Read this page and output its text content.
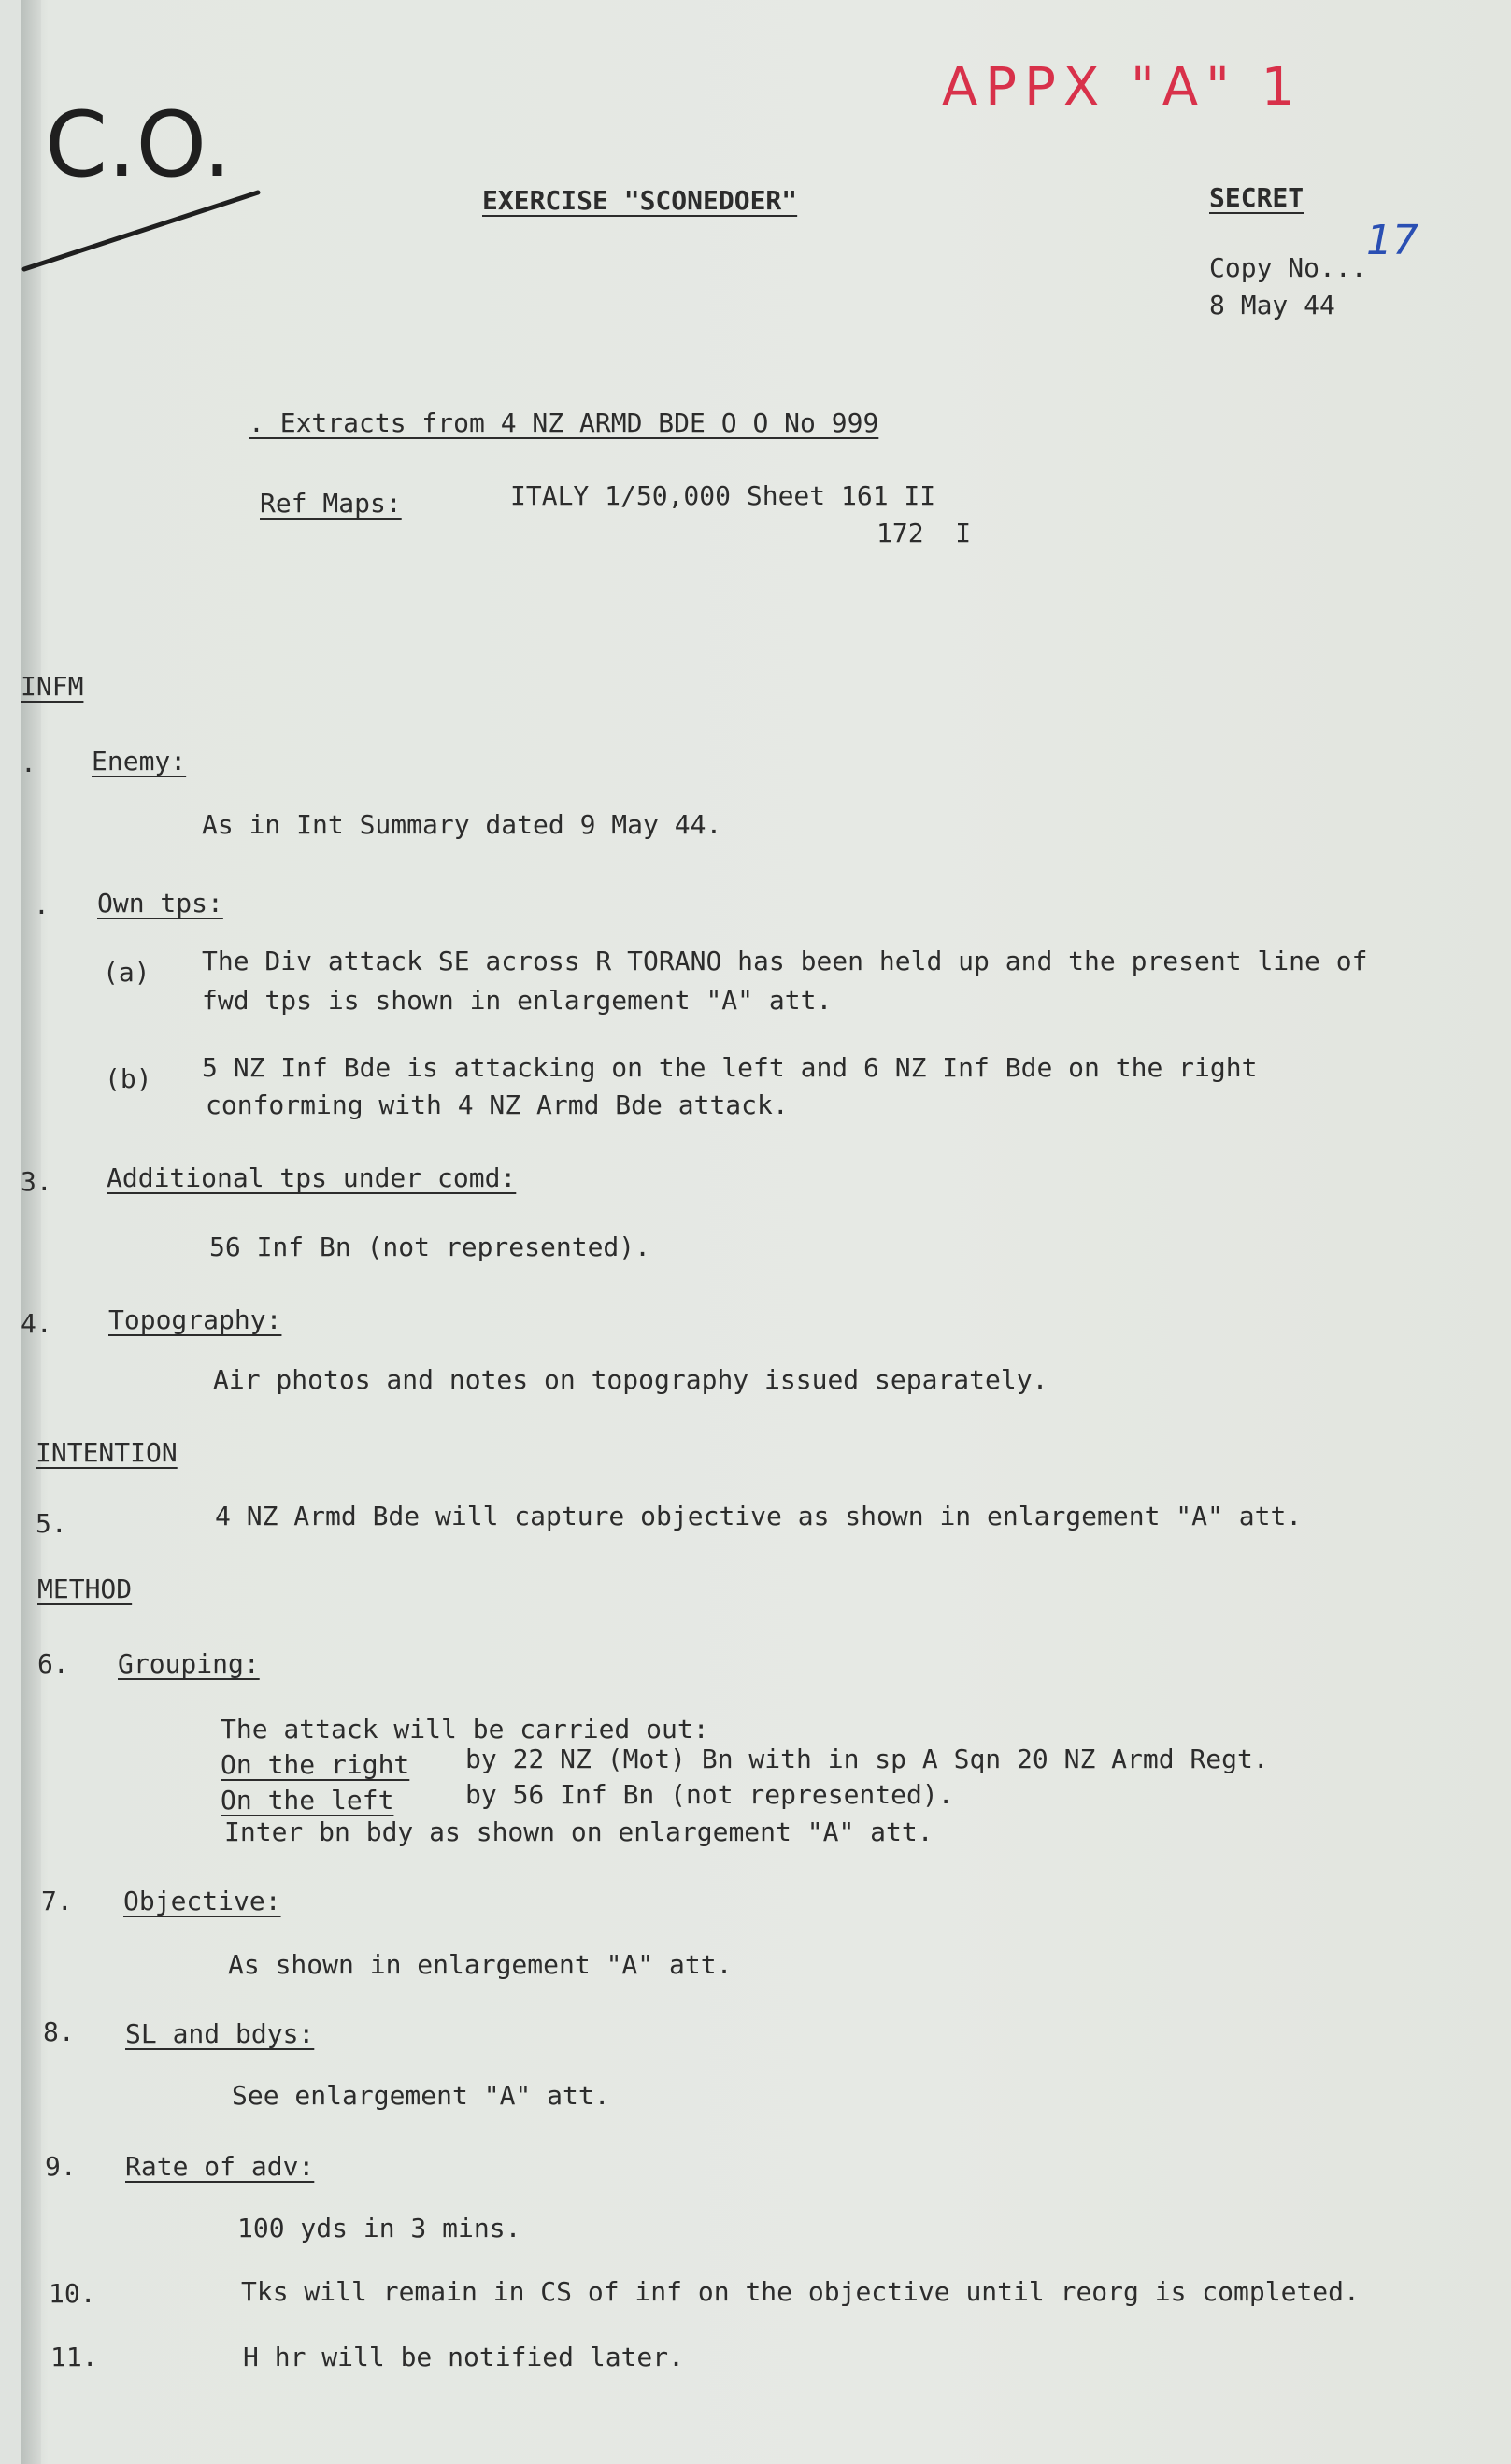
C.O.
APPX "A" 1
EXERCISE "SCONEDOER"	SECRET
Copy No...
17
8 May 44
. Extracts from 4 NZ ARMD BDE O O No 999
Ref Maps:	ITALY 1/50,000 Sheet 161 II
172  I
INFM
. Enemy:
As in Int Summary dated 9 May 44.
. Own tps:
(a) The Div attack SE across R TORANO has been held up and the present line of
fwd tps is shown in enlargement "A" att.
(b) 5 NZ Inf Bde is attacking on the left and 6 NZ Inf Bde on the right
conforming with 4 NZ Armd Bde attack.
3. Additional tps under comd:
56 Inf Bn (not represented).
4. Topography:
Air photos and notes on topography issued separately.
INTENTION
5.	4 NZ Armd Bde will capture objective as shown in enlargement "A" att.
METHOD
6. Grouping:
The attack will be carried out:
On the right by 22 NZ (Mot) Bn with in sp A Sqn 20 NZ Armd Regt.
On the left	by 56 Inf Bn (not represented).
Inter bn bdy as shown on enlargement "A" att.
7. Objective:
As shown in enlargement "A" att.
8. SL and bdys:
See enlargement "A" att.
9. Rate of adv:
100 yds in 3 mins.
10.	Tks will remain in CS of inf on the objective until reorg is completed.
11.	H hr will be notified later.
